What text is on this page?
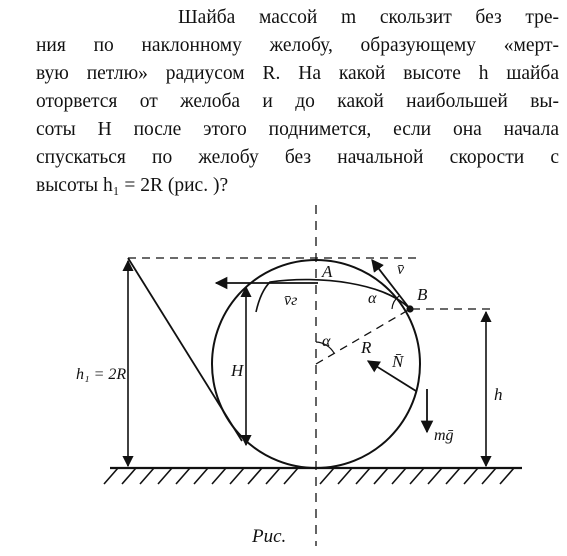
Шайба массой m скользит без тре-
ния по наклонному желобу, образующему «мерт-
вую петлю» радиусом R. На какой высоте h шайба
оторвется от желоба и до какой наибольшей вы-
соты H после этого поднимется, если она начала
спускаться по желобу без начальной скорости с
высоты h₁ = 2R (рис. )?
A
B
v̄
v̄г	α
α R
N̄
mḡ
H
h
h₁ = 2R

Рис.
